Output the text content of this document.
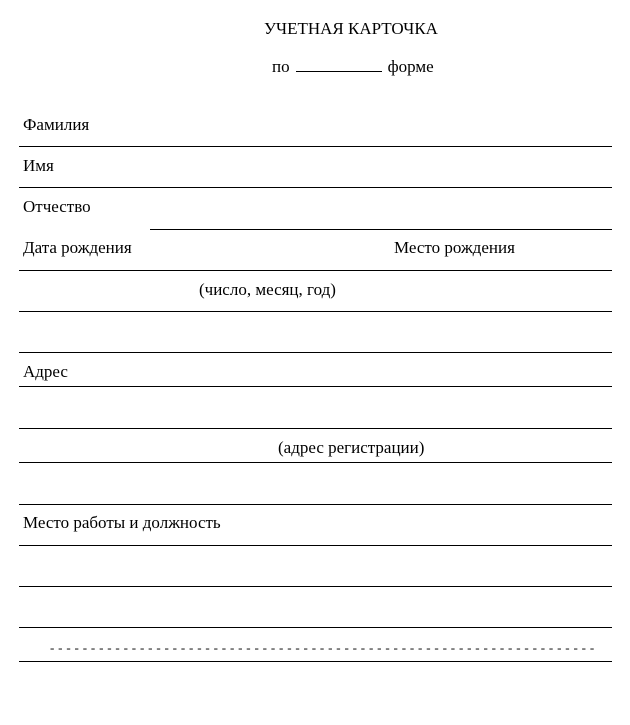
УЧЕТНАЯ КАРТОЧКА
по	форме
Фамилия
Имя
Отчество
Дата рождения	Место рождения
(число, месяц, год)
Адрес
(адрес регистрации)
Место работы и должность
- - - - - - - - - - - - - - - - - - - - - - - - - - - - - - - - - - - - - - - - - - - - - - - - - - - - - - - - - - - - - - - - - - -
